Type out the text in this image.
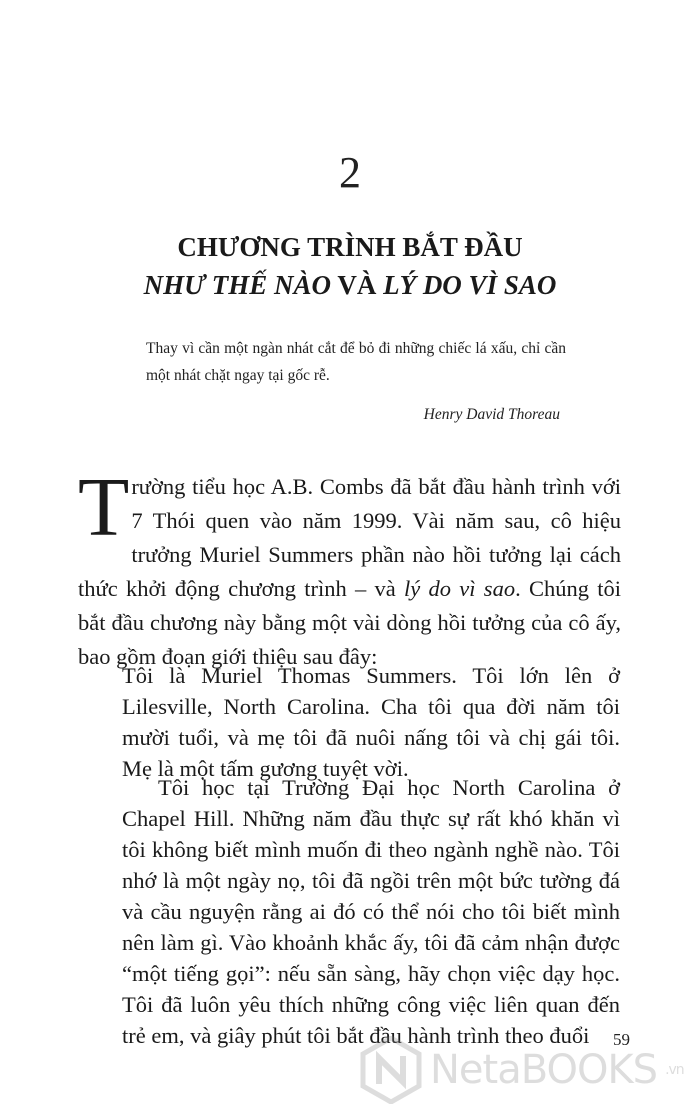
2
CHƯƠNG TRÌNH BẮT ĐẦU
NHƯ THẾ NÀO VÀ LÝ DO VÌ SAO
Thay vì cần một ngàn nhát cắt để bỏ đi những chiếc lá xấu, chỉ cần một nhát chặt ngay tại gốc rễ.
Henry David Thoreau
Trường tiểu học A.B. Combs đã bắt đầu hành trình với 7 Thói quen vào năm 1999. Vài năm sau, cô hiệu trưởng Muriel Summers phần nào hồi tưởng lại cách thức khởi động chương trình – và lý do vì sao. Chúng tôi bắt đầu chương này bằng một vài dòng hồi tưởng của cô ấy, bao gồm đoạn giới thiệu sau đây:
Tôi là Muriel Thomas Summers. Tôi lớn lên ở Lilesville, North Carolina. Cha tôi qua đời năm tôi mười tuổi, và mẹ tôi đã nuôi nấng tôi và chị gái tôi. Mẹ là một tấm gương tuyệt vời.
Tôi học tại Trường Đại học North Carolina ở Chapel Hill. Những năm đầu thực sự rất khó khăn vì tôi không biết mình muốn đi theo ngành nghề nào. Tôi nhớ là một ngày nọ, tôi đã ngồi trên một bức tường đá và cầu nguyện rằng ai đó có thể nói cho tôi biết mình nên làm gì. Vào khoảnh khắc ấy, tôi đã cảm nhận được “một tiếng gọi”: nếu sẵn sàng, hãy chọn việc dạy học. Tôi đã luôn yêu thích những công việc liên quan đến trẻ em, và giây phút tôi bắt đầu hành trình theo đuổi	59
NetaBOOKS .vn
